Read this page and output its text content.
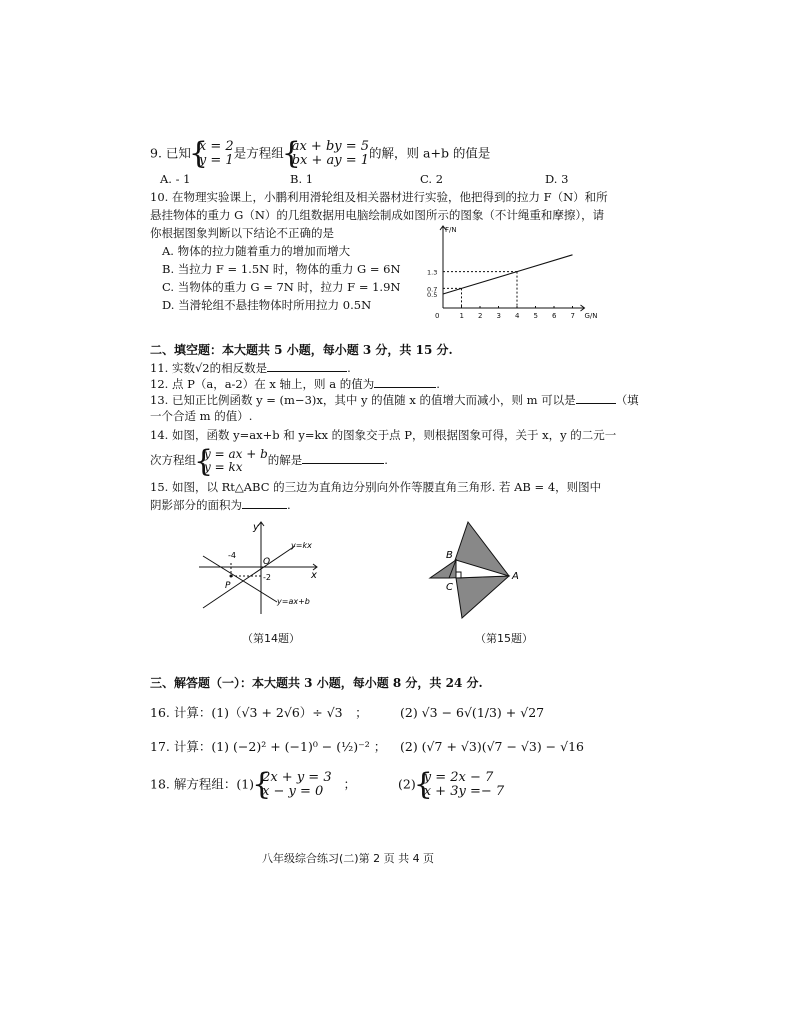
9. 已知 { x = 2
y = 1 是方程组 { ax + by = 5
bx + ay = 1 的解，则 a+b 的值是
A. - 1	B. 1	C. 2	D. 3
10. 在物理实验课上，小鹏利用滑轮组及相关器材进行实验，他把得到的拉力 F（N）和所
悬挂物体的重力 G（N）的几组数据用电脑绘制成如图所示的图象（不计绳重和摩擦），请
你根据图象判断以下结论不正确的是
A. 物体的拉力随着重力的增加而增大
B. 当拉力 F = 1.5N 时，物体的重力 G = 6N
C. 当物体的重力 G = 7N 时，拉力 F = 1.9N
D. 当滑轮组不悬挂物体时所用拉力 0.5N
1 2 3 4 5 6 7
0	G/N
F/N
1.3
0.7
0.5
二、填空题：本大题共 5 小题，每小题 3 分，共 15 分.
11. 实数√2的相反数是	.
12. 点 P（a，a-2）在 x 轴上，则 a 的值为	.
13. 已知正比例函数 y = (m−3)x，其中 y 的值随 x 的值增大而减小，则 m 可以是	（填
一个合适 m 的值）.
14. 如图，函数 y=ax+b 和 y=kx 的图象交于点 P，则根据图象可得，关于 x，y 的二元一
次方程组 { y = ax + b
y = kx	的解是	.
15. 如图，以 Rt△ABC 的三边为直角边分别向外作等腰直角三角形. 若 AB = 4，则图中
阴影部分的面积为	.
y
x
O
-4
-2
P
y=kx
y=ax+b
（第14题）
B
C
A
（第15题）
三、解答题（一）：本大题共 3 小题，每小题 8 分，共 24 分.
16. 计算：(1)（√3 + 2√6）÷ √3　；	(2) √3 − 6√(1/3) + √27
17. 计算：(1) (−2)² + (−1)⁰ − (½)⁻² ； (2) (√7 + √3)(√7 − √3) − √16
18. 解方程组：(1) { 2x + y = 3
x − y = 0	；	(2) { y = 2x − 7
x + 3y =− 7
八年级综合练习(二)第 2 页 共 4 页
